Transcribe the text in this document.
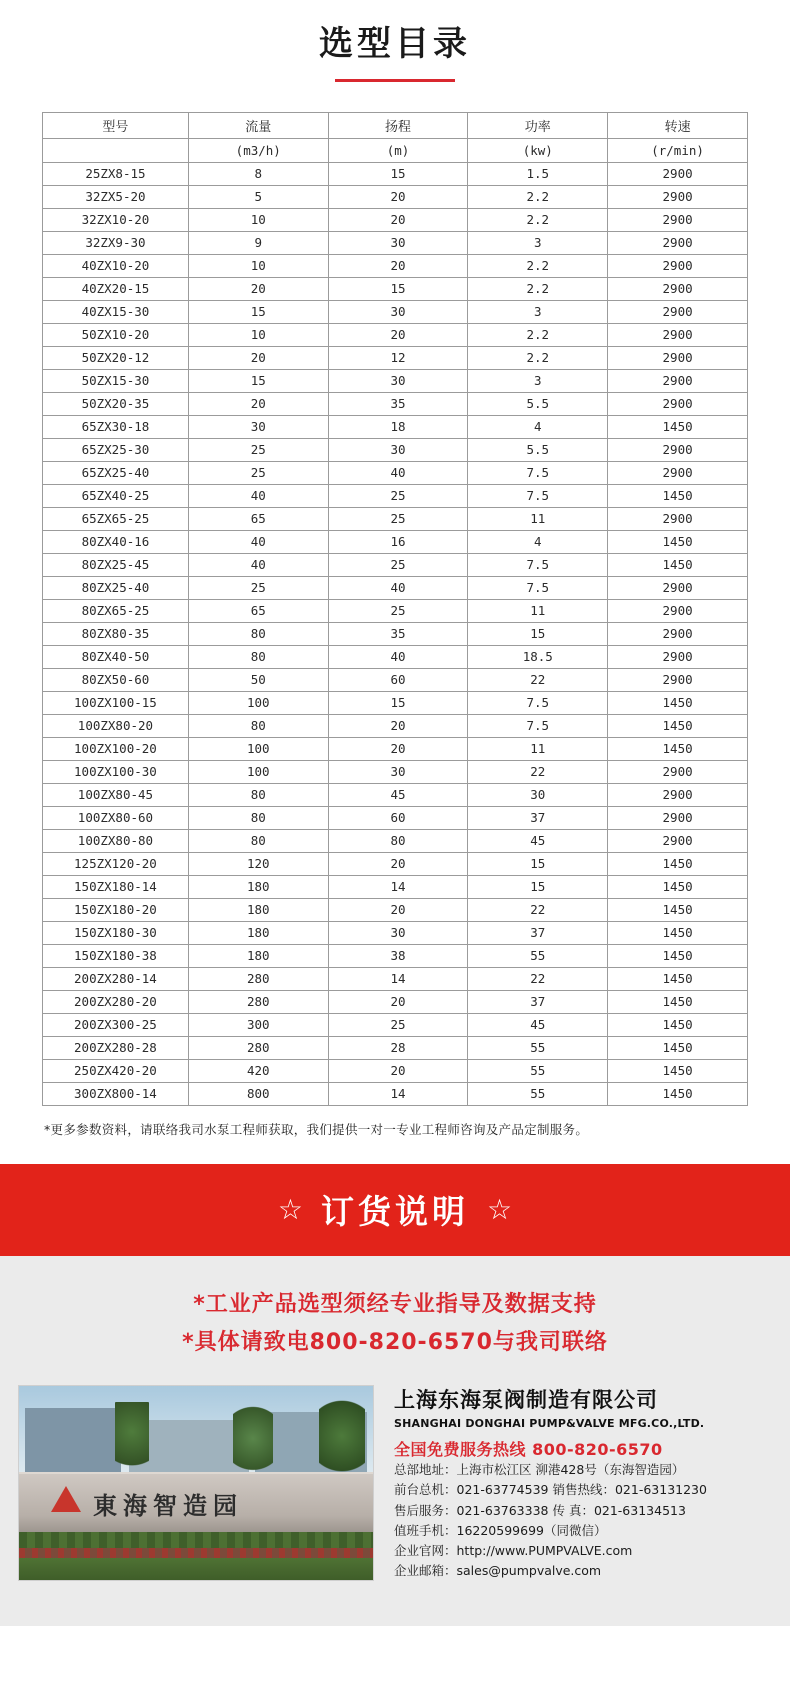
选型目录
型号	流量	扬程	功率	转速
	(m3/h)	(m)	(kw)	(r/min)
25ZX8-15	8	15	1.5	2900
32ZX5-20	5	20	2.2	2900
32ZX10-20	10	20	2.2	2900
32ZX9-30	9	30	3	2900
40ZX10-20	10	20	2.2	2900
40ZX20-15	20	15	2.2	2900
40ZX15-30	15	30	3	2900
50ZX10-20	10	20	2.2	2900
50ZX20-12	20	12	2.2	2900
50ZX15-30	15	30	3	2900
50ZX20-35	20	35	5.5	2900
65ZX30-18	30	18	4	1450
65ZX25-30	25	30	5.5	2900
65ZX25-40	25	40	7.5	2900
65ZX40-25	40	25	7.5	1450
65ZX65-25	65	25	11	2900
80ZX40-16	40	16	4	1450
80ZX25-45	40	25	7.5	1450
80ZX25-40	25	40	7.5	2900
80ZX65-25	65	25	11	2900
80ZX80-35	80	35	15	2900
80ZX40-50	80	40	18.5	2900
80ZX50-60	50	60	22	2900
100ZX100-15	100	15	7.5	1450
100ZX80-20	80	20	7.5	1450
100ZX100-20	100	20	11	1450
100ZX100-30	100	30	22	2900
100ZX80-45	80	45	30	2900
100ZX80-60	80	60	37	2900
100ZX80-80	80	80	45	2900
125ZX120-20	120	20	15	1450
150ZX180-14	180	14	15	1450
150ZX180-20	180	20	22	1450
150ZX180-30	180	30	37	1450
150ZX180-38	180	38	55	1450
200ZX280-14	280	14	22	1450
200ZX280-20	280	20	37	1450
200ZX300-25	300	25	45	1450
200ZX280-28	280	28	55	1450
250ZX420-20	420	20	55	1450
300ZX800-14	800	14	55	1450
*更多参数资料，请联络我司水泵工程师获取，我们提供一对一专业工程师咨询及产品定制服务。
☆ 订货说明 ☆
*工业产品选型须经专业指导及数据支持
*具体请致电800-820-6570与我司联络
東海智造园
上海东海泵阀制造有限公司
SHANGHAI DONGHAI PUMP&VALVE MFG.CO.,LTD.
全国免费服务热线 800-820-6570
总部地址：上海市松江区 泖港428号（东海智造园）
前台总机：021-63774539 销售热线：021-63131230
售后服务：021-63763338 传 真：021-63134513
值班手机：16220599699（同微信）
企业官网：http://www.PUMPVALVE.com
企业邮箱：sales@pumpvalve.com
